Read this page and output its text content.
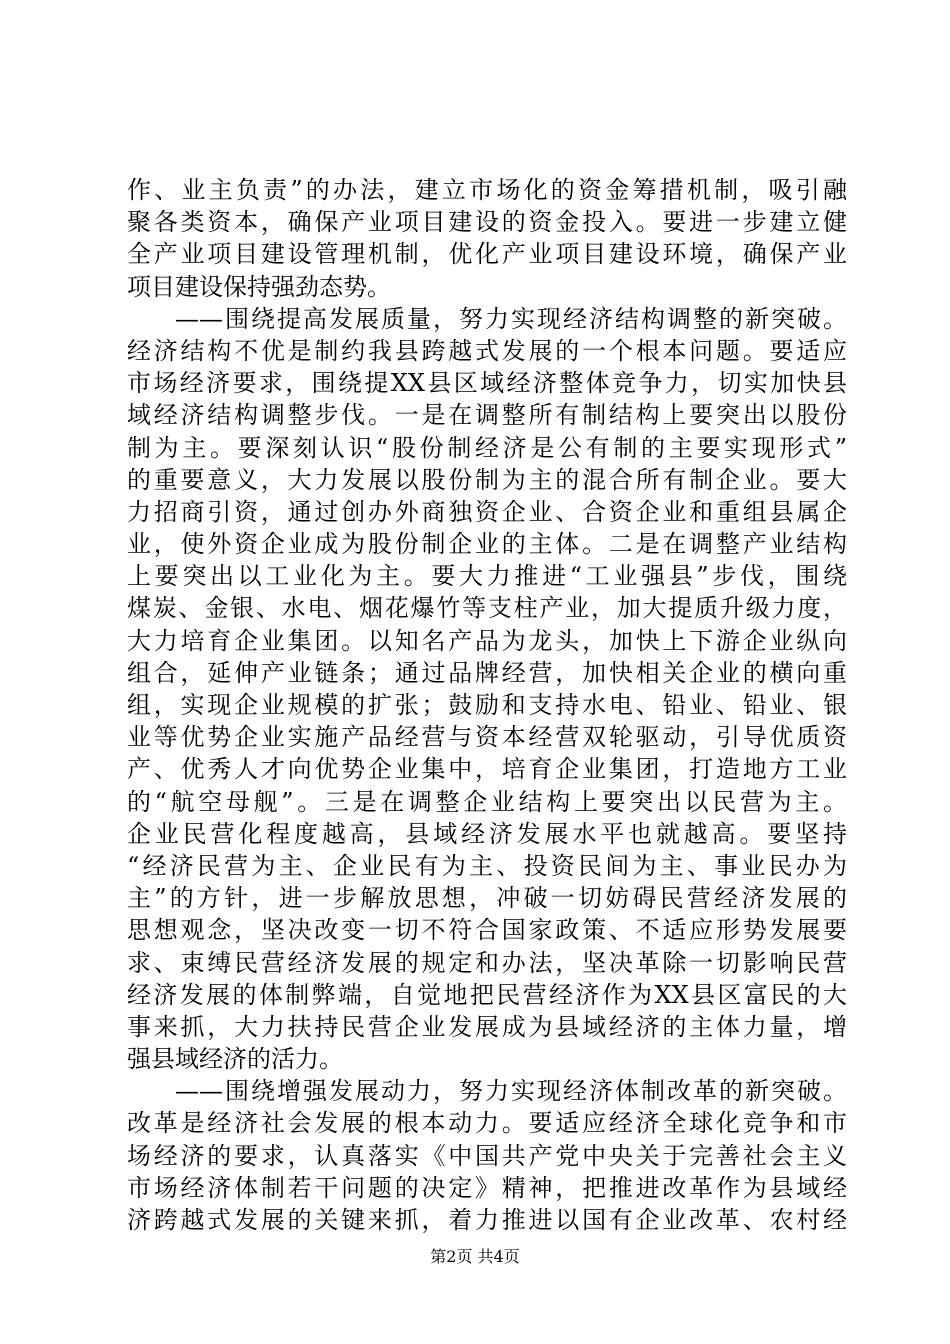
作、业主负责”的办法，建立市场化的资金筹措机制，吸引融
聚各类资本，确保产业项目建设的资金投入。要进一步建立健
全产业项目建设管理机制，优化产业项目建设环境，确保产业
项目建设保持强劲态势。
——围绕提高发展质量，努力实现经济结构调整的新突破。
经济结构不优是制约我县跨越式发展的一个根本问题。要适应
市场经济要求，围绕提XX县区域经济整体竞争力，切实加快县
域经济结构调整步伐。一是在调整所有制结构上要突出以股份
制为主。要深刻认识“股份制经济是公有制的主要实现形式”
的重要意义，大力发展以股份制为主的混合所有制企业。要大
力招商引资，通过创办外商独资企业、合资企业和重组县属企
业，使外资企业成为股份制企业的主体。二是在调整产业结构
上要突出以工业化为主。要大力推进“工业强县”步伐，围绕
煤炭、金银、水电、烟花爆竹等支柱产业，加大提质升级力度，
大力培育企业集团。以知名产品为龙头，加快上下游企业纵向
组合，延伸产业链条；通过品牌经营，加快相关企业的横向重
组，实现企业规模的扩张；鼓励和支持水电、铅业、铅业、银
业等优势企业实施产品经营与资本经营双轮驱动，引导优质资
产、优秀人才向优势企业集中，培育企业集团，打造地方工业
的“航空母舰”。三是在调整企业结构上要突出以民营为主。
企业民营化程度越高，县域经济发展水平也就越高。要坚持
“经济民营为主、企业民有为主、投资民间为主、事业民办为
主”的方针，进一步解放思想，冲破一切妨碍民营经济发展的
思想观念，坚决改变一切不符合国家政策、不适应形势发展要
求、束缚民营经济发展的规定和办法，坚决革除一切影响民营
经济发展的体制弊端，自觉地把民营经济作为XX县区富民的大
事来抓，大力扶持民营企业发展成为县域经济的主体力量，增
强县域经济的活力。
——围绕增强发展动力，努力实现经济体制改革的新突破。
改革是经济社会发展的根本动力。要适应经济全球化竞争和市
场经济的要求，认真落实《中国共产党中央关于完善社会主义
市场经济体制若干问题的决定》精神，把推进改革作为县域经
济跨越式发展的关键来抓，着力推进以国有企业改革、农村经
第2页 共4页
